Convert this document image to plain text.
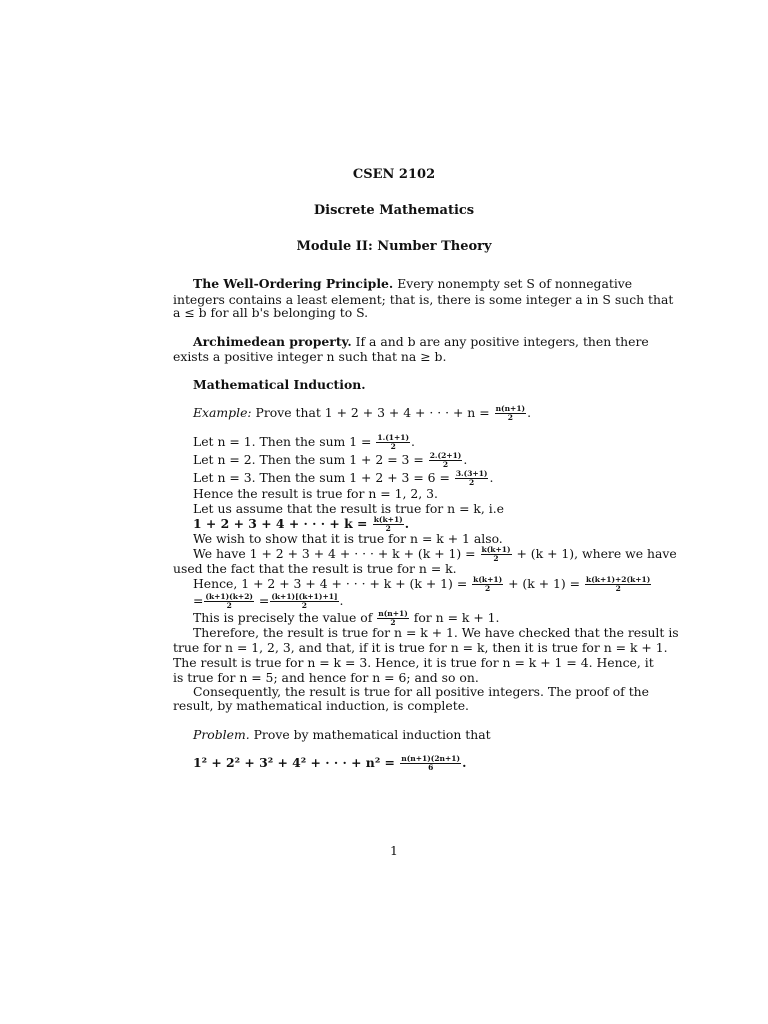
CSEN 2102
Discrete Mathematics
Module II: Number Theory
The Well-Ordering Principle. Every nonempty set S of nonnegative
integers contains a least element; that is, there is some integer a in S such that
a ≤ b for all b's belonging to S.
Archimedean property. If a and b are any positive integers, then there
exists a positive integer n such that na ≥ b.
Mathematical Induction.
Example: Prove that 1 + 2 + 3 + 4 + · · · + $n = \frac{n(n+1)}{2}$ .
Let n = 1. Then the sum $1 = \frac{1.(1+1)}{2}$ .
Let n = 2. Then the sum $1 + 2 = 3 = \frac{2.(2+1)}{2}$ .
Let n = 3. Then the sum $1 + 2 + 3 = 6 = \frac{3.(3+1)}{2}$ .
Hence the result is true for n = 1, 2, 3.
Let us assume that the result is true for n = k, i.e
1 + 2 + 3 + 4 + · · · + $k = \frac{k(k+1)}{2}$ .
We wish to show that it is true for n = k + 1 also.
We have 1 + 2 + 3 + 4 + · · · + $k + (k + 1) = \frac{k(k+1)}{2} + (k + 1)$, where we have
used the fact that the result is true for n = k.
Hence, 1 + 2 + 3 + 4 + · · · + $k + (k + 1) = \frac{k(k+1)}{2} + (k + 1) = \frac{k(k+1)+2(k+1)}{2}$
= $\frac{(k+1)(k+2)}{2} = \frac{(k+1)[(k+1)+1]}{2}$ .
This is precisely the value of $\frac{n(n+1)}{2}$ for n = k + 1.
Therefore, the result is true for n = k + 1. We have checked that the result is
true for n = 1, 2, 3, and that, if it is true for n = k, then it is true for n = k + 1.
The result is true for n = k = 3. Hence, it is true for n = k + 1 = 4. Hence, it
is true for n = 5; and hence for n = 6; and so on.
Consequently, the result is true for all positive integers. The proof of the
result, by mathematical induction, is complete.
Problem. Prove by mathematical induction that
1² + 2² + 3² + 4² + · · · + $n^2 = \frac{n(n+1)(2n+1)}{6}$ .
1
